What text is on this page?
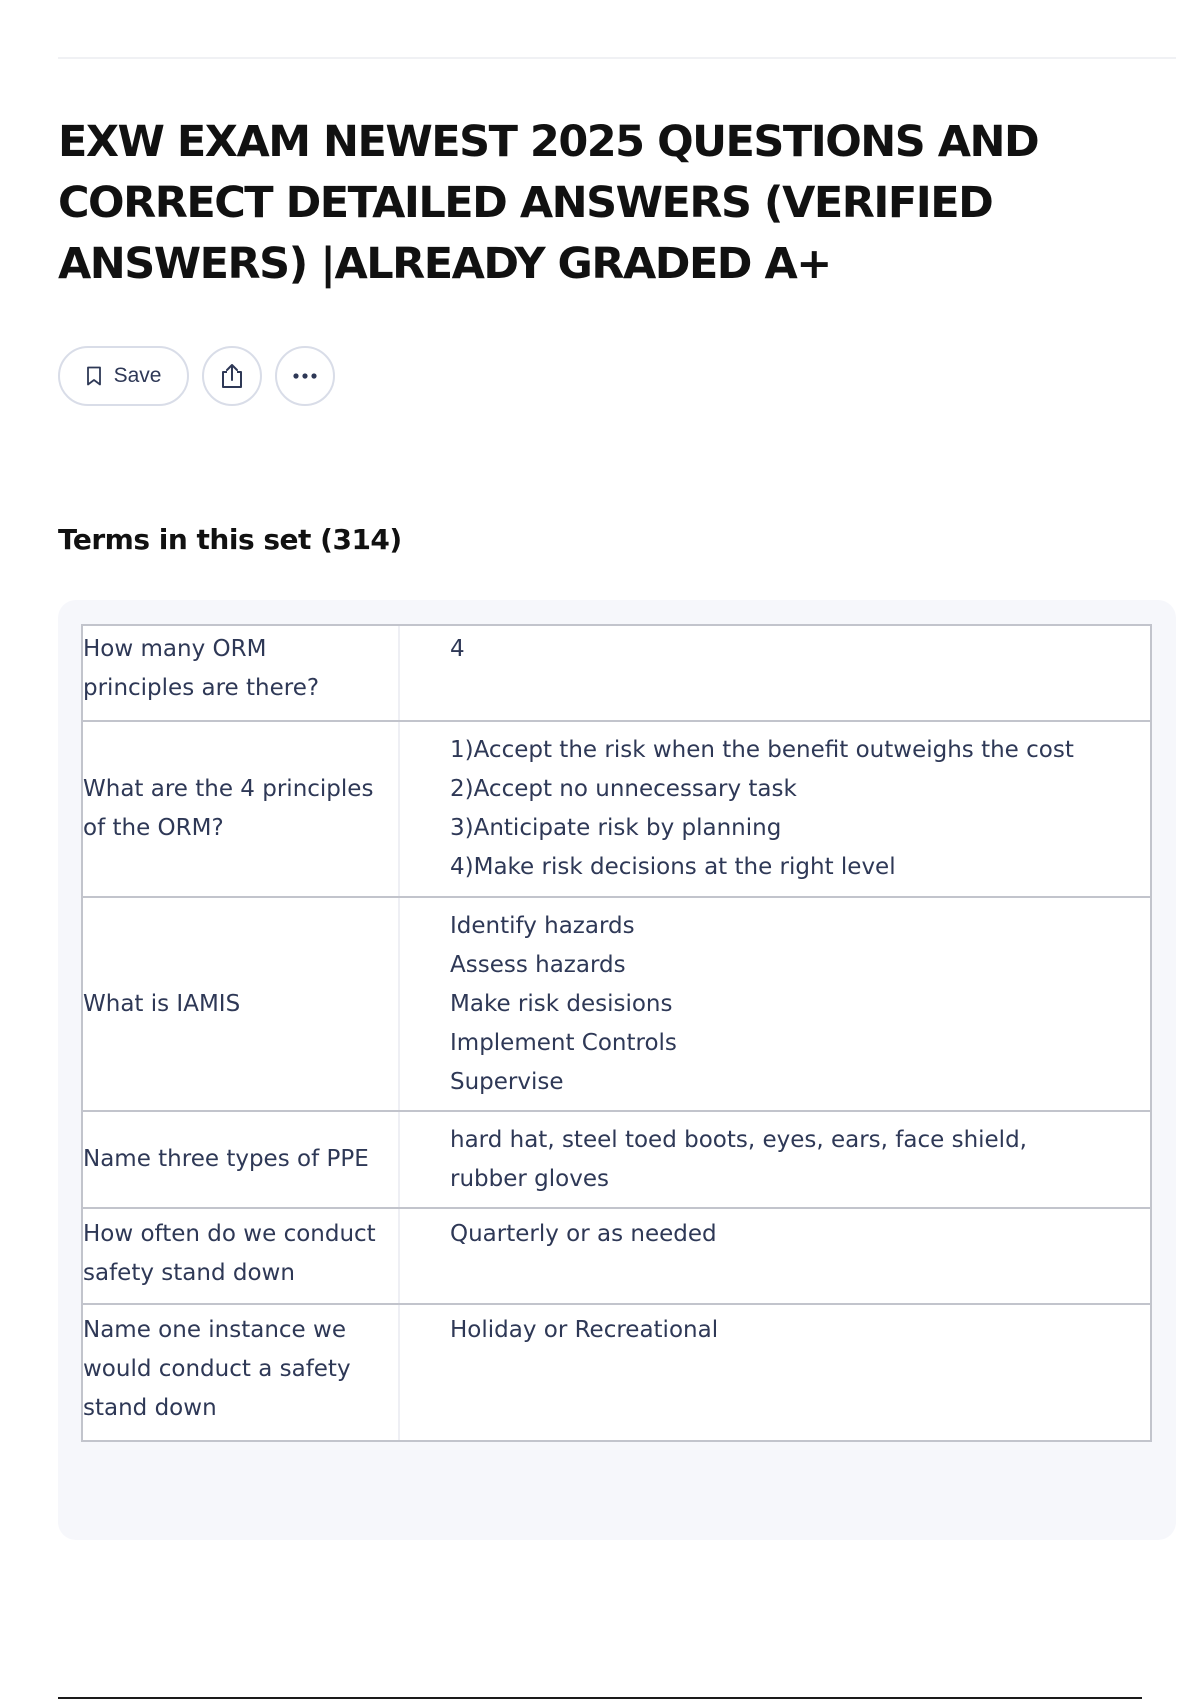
EXW EXAM NEWEST 2025 QUESTIONS AND CORRECT DETAILED ANSWERS (VERIFIED ANSWERS) |ALREADY GRADED A+
Save
Terms in this set (314)
How many ORM
principles are there?
4
What are the 4 principles
of the ORM?
1)Accept the risk when the benefit outweighs the cost
2)Accept no unnecessary task
3)Anticipate risk by planning
4)Make risk decisions at the right level
What is IAMIS
Identify hazards
Assess hazards
Make risk desisions
Implement Controls
Supervise
Name three types of PPE
hard hat, steel toed boots, eyes, ears, face shield,
rubber gloves
How often do we conduct
safety stand down
Quarterly or as needed
Name one instance we
would conduct a safety
stand down
Holiday or Recreational
